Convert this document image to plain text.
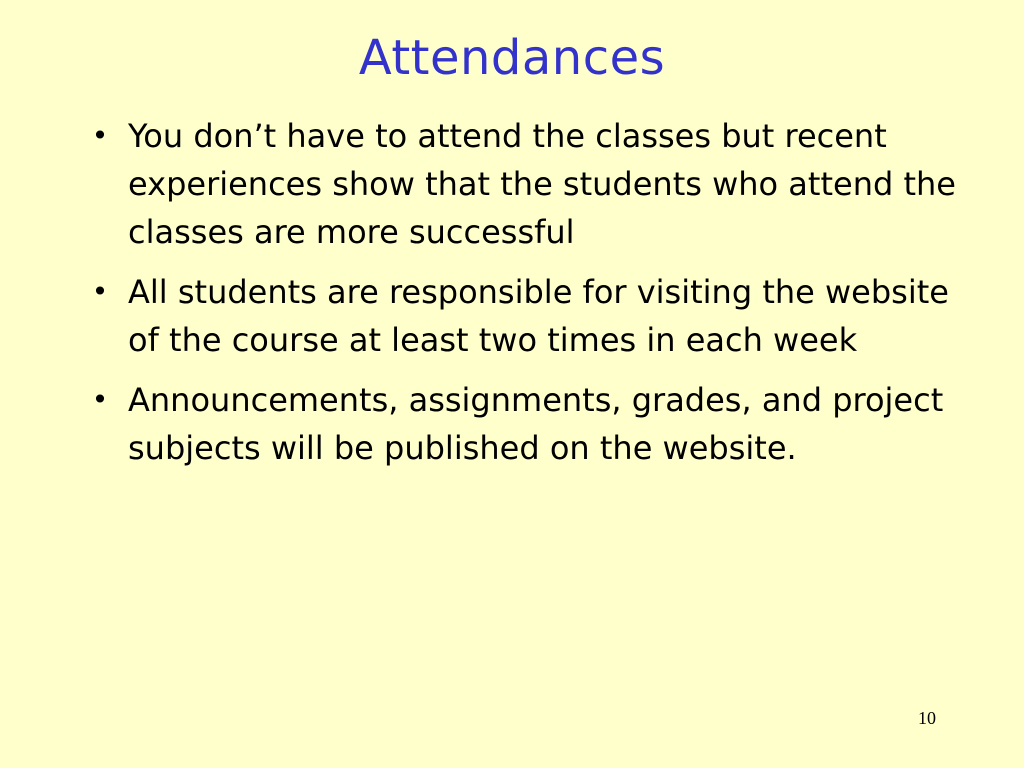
Attendances
• You don’t have to attend the classes but recent experiences show that the students who attend the classes are more successful
• All students are responsible for visiting the website of the course at least two times in each week
• Announcements, assignments, grades, and project subjects will be published on the website.
10
